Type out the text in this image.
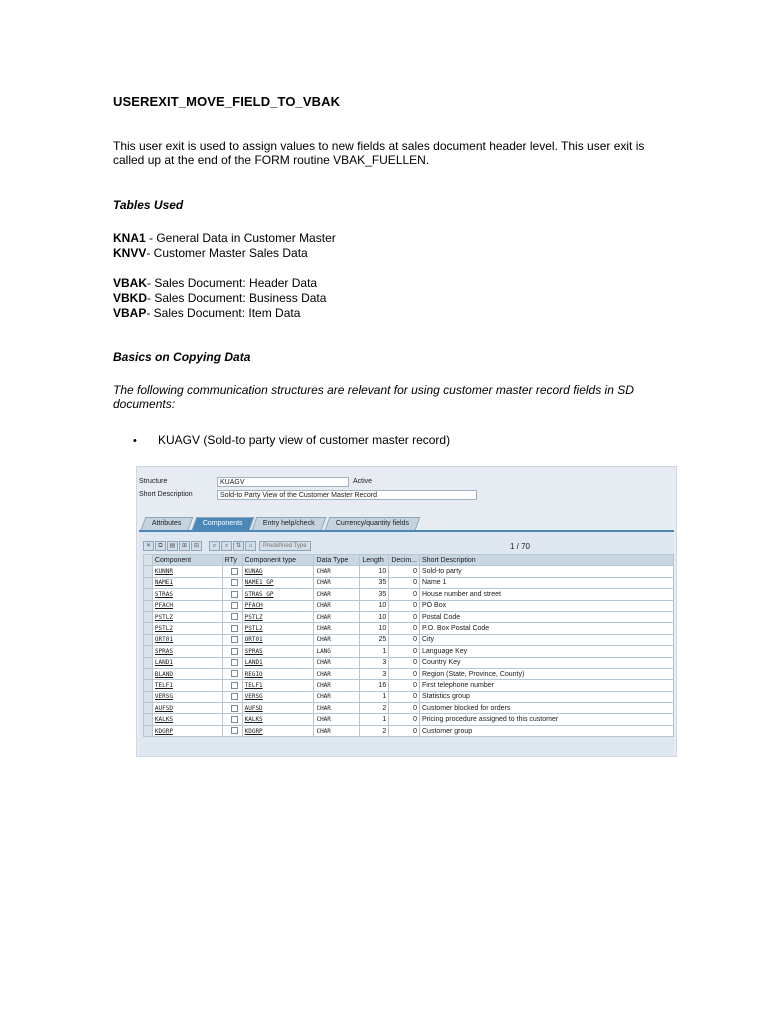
USEREXIT_MOVE_FIELD_TO_VBAK
This user exit is used to assign values to new fields at sales document header level. This user exit is called up at the end of the FORM routine VBAK_FUELLEN.
Tables Used
KNA1 - General Data in Customer Master
KNVV- Customer Master Sales Data
VBAK- Sales Document: Header Data
VBKD- Sales Document: Business Data
VBAP- Sales Document: Item Data
Basics on Copying Data
The following communication structures are relevant for using customer master record fields in SD documents:
• KUAGV (Sold-to party view of customer master record)
Structure	KUAGV	Active
Short Description	Sold-to Party View of the Customer Master Record
Attributes	Components	Entry help/check	Currency/quantity fields
✕	⧉	▤	⊞	⊟	⌕	⌕	⇅	⌂	Predefined Type	1 / 70
	Component	RTy	Component type	Data Type	Length	Decim...	Short Description
	KUNNR		KUNAG	CHAR	10	0	Sold-to party
	NAME1		NAME1_GP	CHAR	35	0	Name 1
	STRAS		STRAS_GP	CHAR	35	0	House number and street
	PFACH		PFACH	CHAR	10	0	PO Box
	PSTLZ		PSTLZ	CHAR	10	0	Postal Code
	PSTL2		PSTL2	CHAR	10	0	P.O. Box Postal Code
	ORT01		ORT01	CHAR	25	0	City
	SPRAS		SPRAS	LANG	1	0	Language Key
	LAND1		LAND1	CHAR	3	0	Country Key
	BLAND		REGIO	CHAR	3	0	Region (State, Province, County)
	TELF1		TELF1	CHAR	16	0	First telephone number
	VERSG		VERSG	CHAR	1	0	Statistics group
	AUFSD		AUFSD	CHAR	2	0	Customer blocked for orders
	KALKS		KALKS	CHAR	1	0	Pricing procedure assigned to this customer
	KDGRP		KDGRP	CHAR	2	0	Customer group
